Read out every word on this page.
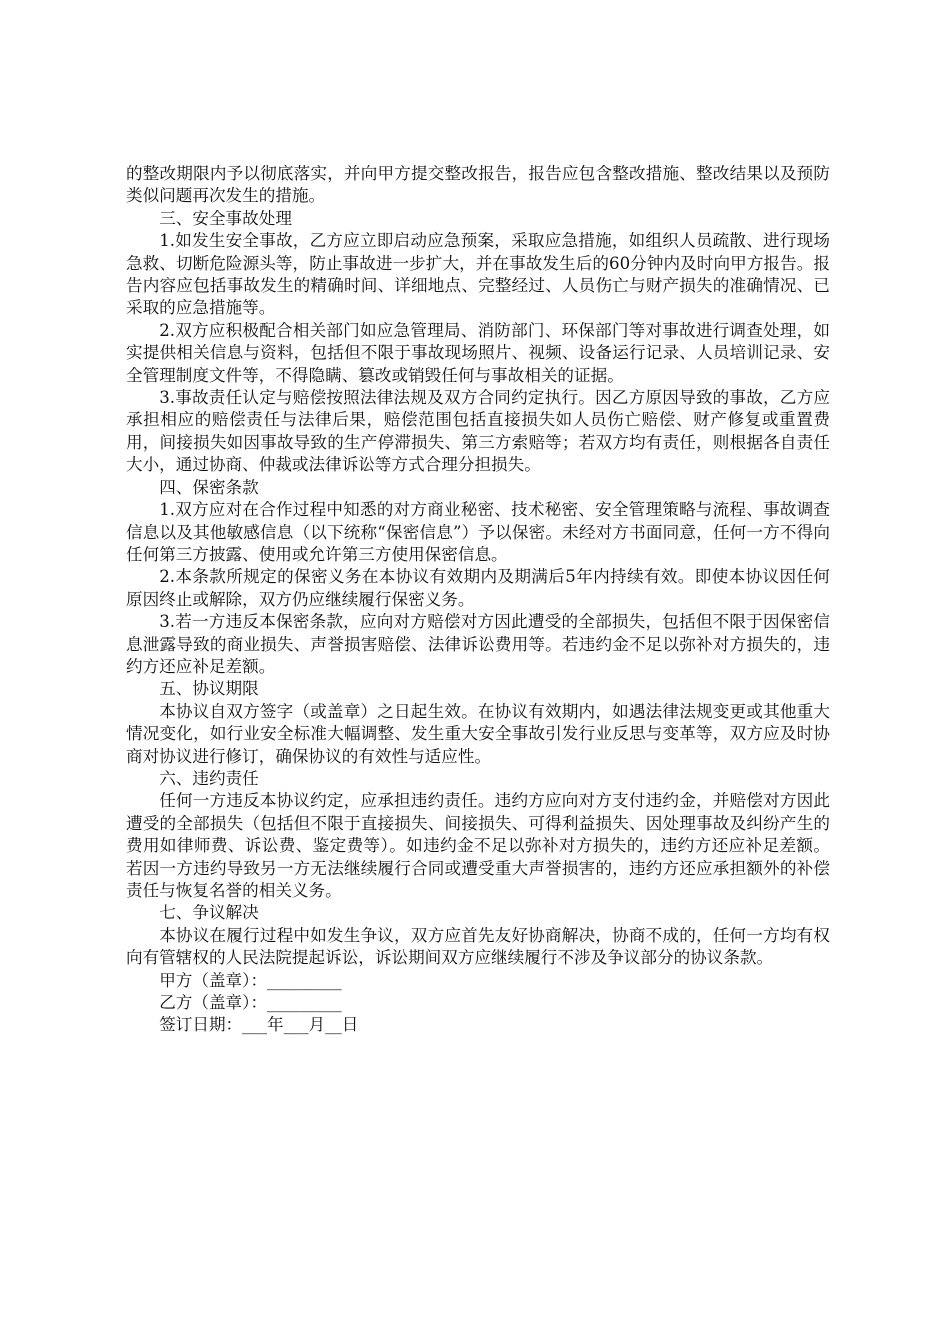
的整改期限内予以彻底落实，并向甲方提交整改报告，报告应包含整改措施、整改结果以及预防类似问题再次发生的措施。

三、安全事故处理

1.如发生安全事故，乙方应立即启动应急预案，采取应急措施，如组织人员疏散、进行现场急救、切断危险源头等，防止事故进一步扩大，并在事故发生后的60分钟内及时向甲方报告。报告内容应包括事故发生的精确时间、详细地点、完整经过、人员伤亡与财产损失的准确情况、已采取的应急措施等。

2.双方应积极配合相关部门如应急管理局、消防部门、环保部门等对事故进行调查处理，如实提供相关信息与资料，包括但不限于事故现场照片、视频、设备运行记录、人员培训记录、安全管理制度文件等，不得隐瞒、篡改或销毁任何与事故相关的证据。

3.事故责任认定与赔偿按照法律法规及双方合同约定执行。因乙方原因导致的事故，乙方应承担相应的赔偿责任与法律后果，赔偿范围包括直接损失如人员伤亡赔偿、财产修复或重置费用，间接损失如因事故导致的生产停滞损失、第三方索赔等；若双方均有责任，则根据各自责任大小，通过协商、仲裁或法律诉讼等方式合理分担损失。

四、保密条款

1.双方应对在合作过程中知悉的对方商业秘密、技术秘密、安全管理策略与流程、事故调查信息以及其他敏感信息（以下统称“保密信息”）予以保密。未经对方书面同意，任何一方不得向任何第三方披露、使用或允许第三方使用保密信息。

2.本条款所规定的保密义务在本协议有效期内及期满后5年内持续有效。即使本协议因任何原因终止或解除，双方仍应继续履行保密义务。

3.若一方违反本保密条款，应向对方赔偿对方因此遭受的全部损失，包括但不限于因保密信息泄露导致的商业损失、声誉损害赔偿、法律诉讼费用等。若违约金不足以弥补对方损失的，违约方还应补足差额。

五、协议期限

本协议自双方签字（或盖章）之日起生效。在协议有效期内，如遇法律法规变更或其他重大情况变化，如行业安全标准大幅调整、发生重大安全事故引发行业反思与变革等，双方应及时协商对协议进行修订，确保协议的有效性与适应性。

六、违约责任

任何一方违反本协议约定，应承担违约责任。违约方应向对方支付违约金，并赔偿对方因此遭受的全部损失（包括但不限于直接损失、间接损失、可得利益损失、因处理事故及纠纷产生的费用如律师费、诉讼费、鉴定费等）。如违约金不足以弥补对方损失的，违约方还应补足差额。若因一方违约导致另一方无法继续履行合同或遭受重大声誉损害的，违约方还应承担额外的补偿责任与恢复名誉的相关义务。

七、争议解决

本协议在履行过程中如发生争议，双方应首先友好协商解决，协商不成的，任何一方均有权向有管辖权的人民法院提起诉讼，诉讼期间双方应继续履行不涉及争议部分的协议条款。

甲方（盖章）：_________

乙方（盖章）：_________

签订日期：___年___月__日
